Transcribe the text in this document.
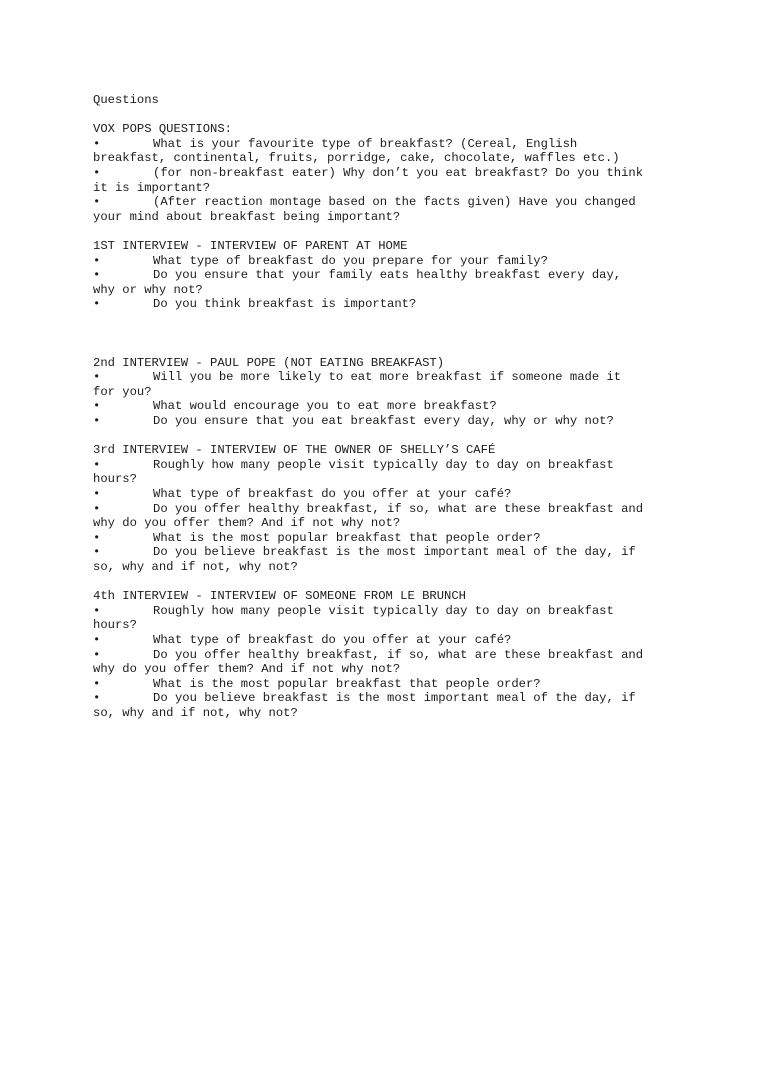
Questions
VOX POPS QUESTIONS:
•	What is your favourite type of breakfast? (Cereal, English
breakfast, continental, fruits, porridge, cake, chocolate, waffles etc.)
•	(for non-breakfast eater) Why don’t you eat breakfast? Do you think
it is important?
•	(After reaction montage based on the facts given) Have you changed
your mind about breakfast being important?
1ST INTERVIEW - INTERVIEW OF PARENT AT HOME
•	What type of breakfast do you prepare for your family?
•	Do you ensure that your family eats healthy breakfast every day,
why or why not?
•	Do you think breakfast is important?
2nd INTERVIEW - PAUL POPE (NOT EATING BREAKFAST)
•	Will you be more likely to eat more breakfast if someone made it
for you?
•	What would encourage you to eat more breakfast?
•	Do you ensure that you eat breakfast every day, why or why not?
3rd INTERVIEW - INTERVIEW OF THE OWNER OF SHELLY’S CAFÉ
•	Roughly how many people visit typically day to day on breakfast
hours?
•	What type of breakfast do you offer at your café?
•	Do you offer healthy breakfast, if so, what are these breakfast and
why do you offer them? And if not why not?
•	What is the most popular breakfast that people order?
•	Do you believe breakfast is the most important meal of the day, if
so, why and if not, why not?
4th INTERVIEW - INTERVIEW OF SOMEONE FROM LE BRUNCH
•	Roughly how many people visit typically day to day on breakfast
hours?
•	What type of breakfast do you offer at your café?
•	Do you offer healthy breakfast, if so, what are these breakfast and
why do you offer them? And if not why not?
•	What is the most popular breakfast that people order?
•	Do you believe breakfast is the most important meal of the day, if
so, why and if not, why not?
